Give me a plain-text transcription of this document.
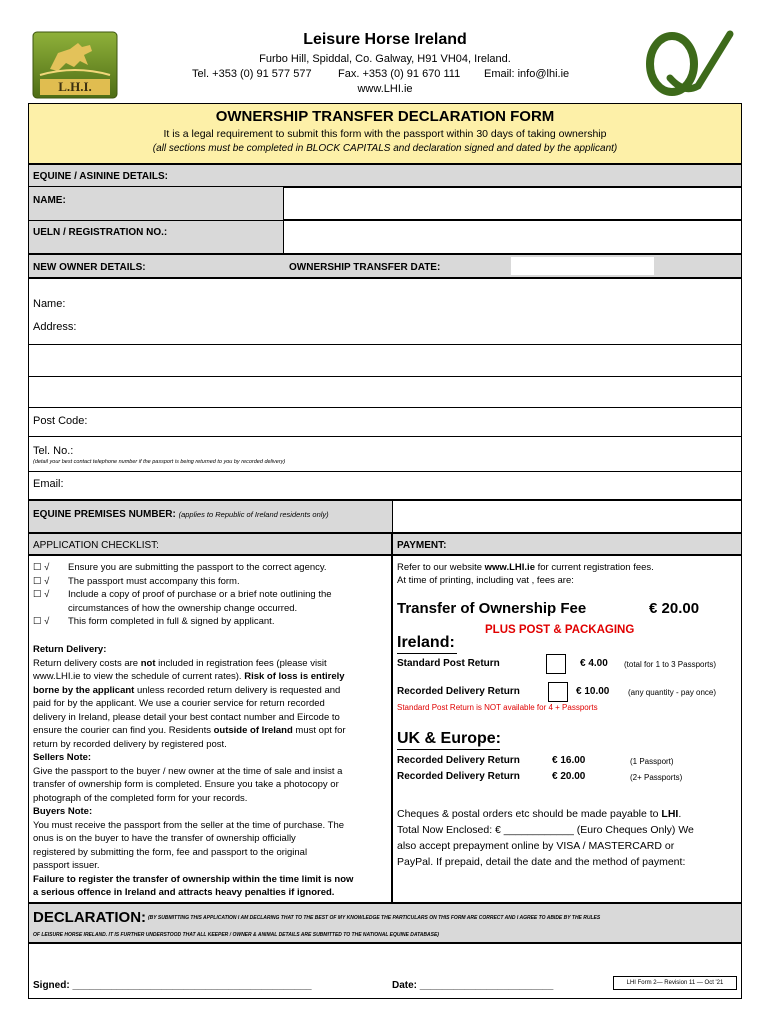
L.H.I.
Leisure Horse Ireland
Furbo Hill, Spiddal, Co. Galway, H91 VH04, Ireland.
Tel. +353 (0) 91 577 577 Fax. +353 (0) 91 670 111 Email: info@lhi.ie
www.LHI.ie
OWNERSHIP TRANSFER DECLARATION FORM
It is a legal requirement to submit this form with the passport within 30 days of taking ownership
(all sections must be completed in BLOCK CAPITALS and declaration signed and dated by the applicant)
EQUINE / ASININE DETAILS:
NAME:
UELN / REGISTRATION NO.:
NEW OWNER DETAILS:	OWNERSHIP TRANSFER DATE:
Name:
Address:
Post Code:
Tel. No.:
(detail your best contact telephone number if the passport is being returned to you by recorded delivery)
Email:
EQUINE PREMISES NUMBER: (applies to Republic of Ireland residents only)
APPLICATION CHECKLIST:	PAYMENT:
☐ √ Ensure you are submitting the passport to the correct agency.
☐ √ The passport must accompany this form.
☐ √ Include a copy of proof of purchase or a brief note outlining the
circumstances of how the ownership change occurred.
☐ √ This form completed in full & signed by applicant.
Return Delivery:
Return delivery costs are not included in registration fees (please visit
www.LHI.ie to view the schedule of current rates). Risk of loss is entirely
borne by the applicant unless recorded return delivery is requested and
paid for by the applicant. We use a courier service for return recorded
delivery in Ireland, please detail your best contact number and Eircode to
ensure the courier can find you. Residents outside of Ireland must opt for
return by recorded delivery by registered post.
Sellers Note:
Give the passport to the buyer / new owner at the time of sale and insist a
transfer of ownership form is completed. Ensure you take a photocopy or
photograph of the completed form for your records.
Buyers Note:
You must receive the passport from the seller at the time of purchase. The
onus is on the buyer to have the transfer of ownership officially
registered by submitting the form, fee and passport to the original
passport issuer.
Failure to register the transfer of ownership within the time limit is now
a serious offence in Ireland and attracts heavy penalties if ignored.
Refer to our website www.LHI.ie for current registration fees.
At time of printing, including vat , fees are:
Transfer of Ownership Fee	€ 20.00
PLUS POST & PACKAGING
Ireland:
Standard Post Return	€ 4.00 (total for 1 to 3 Passports)
Recorded Delivery Return	€ 10.00 (any quantity - pay once)
Standard Post Return is NOT available for 4 + Passports
UK & Europe:
Recorded Delivery Return	€ 16.00	(1 Passport)
Recorded Delivery Return	€ 20.00	(2+ Passports)
Cheques & postal orders etc should be made payable to LHI.
Total Now Enclosed: € ____________ (Euro Cheques Only) We
also accept prepayment online by VISA / MASTERCARD or
PayPal. If prepaid, detail the date and the method of payment:
DECLARATION: (BY SUBMITTING THIS APPLICATION I AM DECLARING THAT TO THE BEST OF MY KNOWLEDGE THE PARTICULARS ON THIS FORM ARE CORRECT AND I AGREE TO ABIDE BY THE RULES
OF LEISURE HORSE IRELAND. IT IS FURTHER UNDERSTOOD THAT ALL KEEPER / OWNER & ANIMAL DETAILS ARE SUBMITTED TO THE NATIONAL EQUINE DATABASE)
Signed: ___________________________________________	Date: ________________________	LHI Form 2— Revision 11 — Oct '21
